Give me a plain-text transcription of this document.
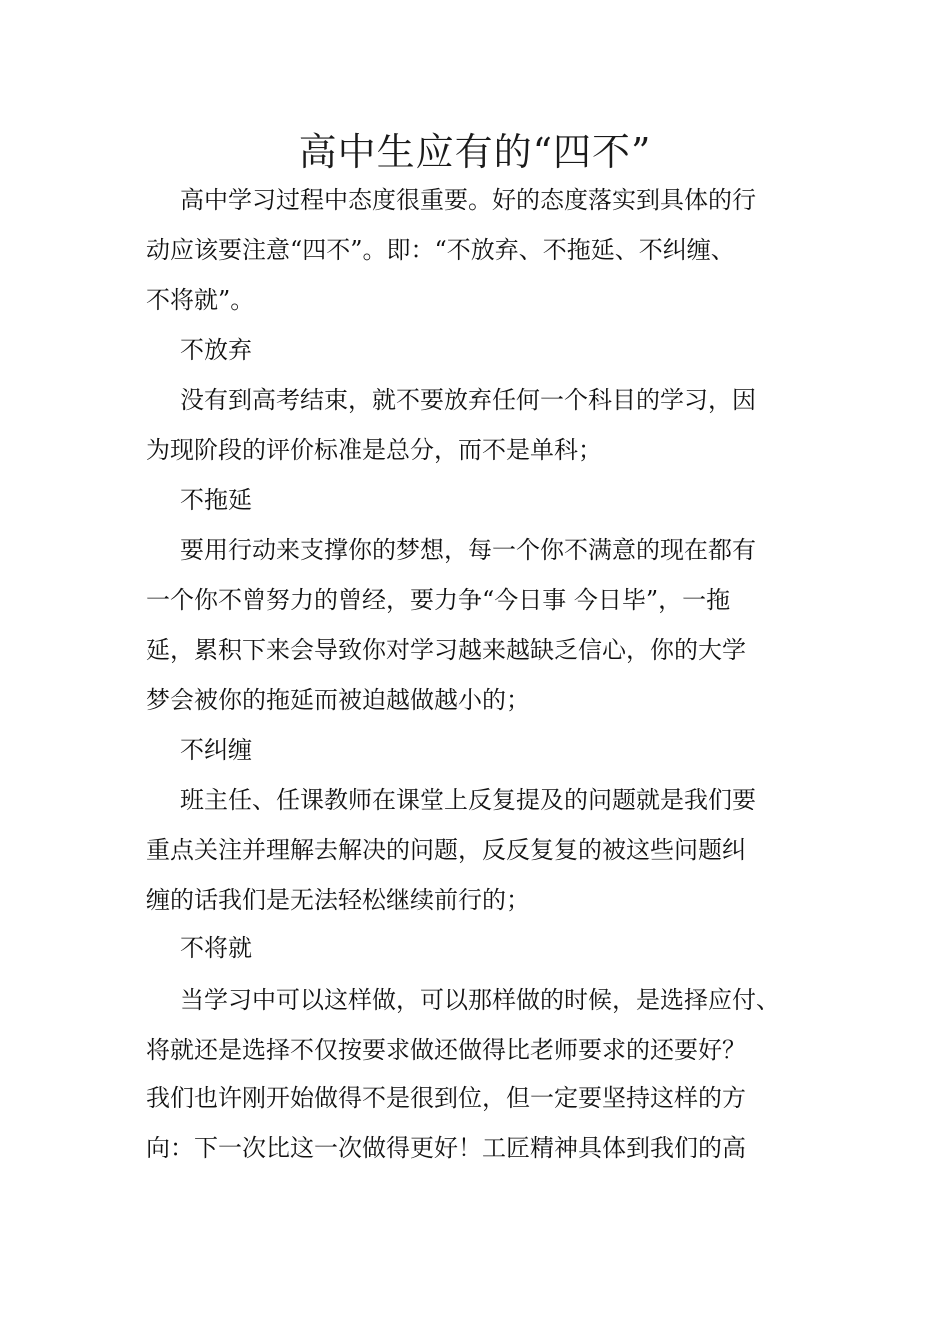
高中生应有的“四不”
高中学习过程中态度很重要。好的态度落实到具体的行
动应该要注意“四不”。即：“不放弃、不拖延、不纠缠、
不将就”。
不放弃
没有到高考结束，就不要放弃任何一个科目的学习，因
为现阶段的评价标准是总分，而不是单科；
不拖延
要用行动来支撑你的梦想，每一个你不满意的现在都有
一个你不曾努力的曾经，要力争“今日事 今日毕”，一拖
延，累积下来会导致你对学习越来越缺乏信心，你的大学
梦会被你的拖延而被迫越做越小的；
不纠缠
班主任、任课教师在课堂上反复提及的问题就是我们要
重点关注并理解去解决的问题，反反复复的被这些问题纠
缠的话我们是无法轻松继续前行的；
不将就
当学习中可以这样做，可以那样做的时候，是选择应付、
将就还是选择不仅按要求做还做得比老师要求的还要好？
我们也许刚开始做得不是很到位，但一定要坚持这样的方
向：下一次比这一次做得更好！工匠精神具体到我们的高
